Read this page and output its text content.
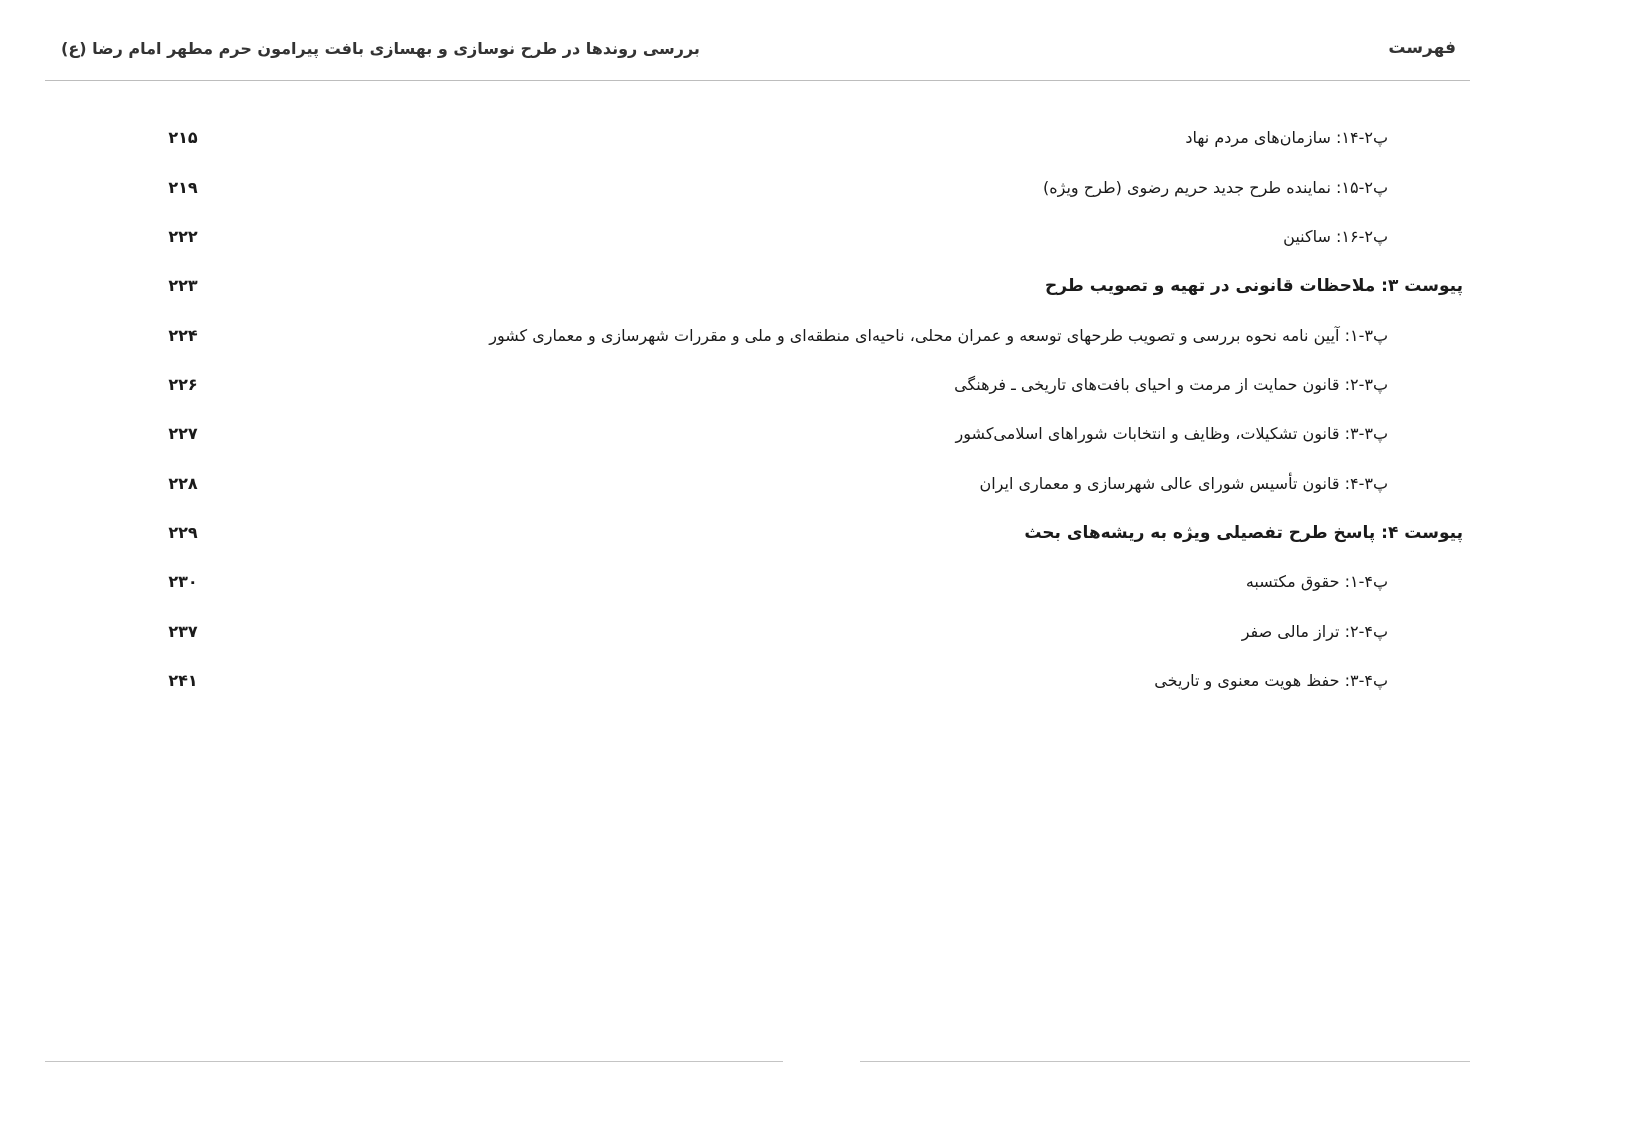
فهرست
بررسی روندها در طرح نوسازی و بهسازی بافت پیرامون حرم مطهر امام رضا (ع)
پ۲-۱۴: سازمان‌های مردم نهاد
۲۱۵
پ۲-۱۵: نماینده طرح جدید حریم رضوی (طرح ویژه)
۲۱۹
پ۲-۱۶: ساکنین
۲۲۲
پیوست ۳: ملاحظات قانونی در تهیه و تصویب طرح
۲۲۳
پ۳-۱: آیین نامه نحوه بررسی و تصویب طرحهای توسعه و عمران محلی، ناحیه‌ای منطقه‌ای و ملی و مقررات شهرسازی و معماری کشور
۲۲۴
پ۳-۲: قانون حمایت از مرمت و احیای بافت‌های تاریخی ـ فرهنگی
۲۲۶
پ۳-۳: قانون تشکیلات، وظایف و انتخابات شوراهای اسلامی‌کشور
۲۲۷
پ۳-۴: قانون تأسیس شورای عالی شهرسازی و معماری ایران
۲۲۸
پیوست ۴: پاسخ طرح تفصیلی ویژه به ریشه‌های بحث
۲۲۹
پ۴-۱: حقوق مکتسبه
۲۳۰
پ۴-۲: تراز مالی صفر
۲۳۷
پ۴-۳: حفظ هویت معنوی و تاریخی
۲۴۱
